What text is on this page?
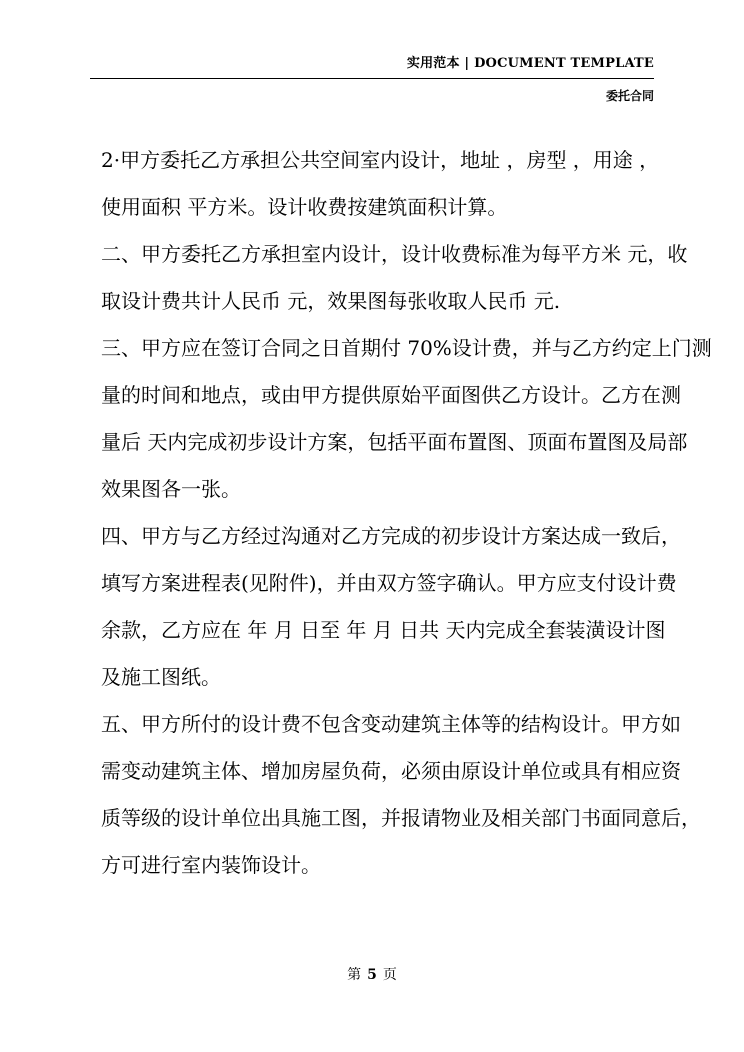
实用范本 | DOCUMENT TEMPLATE
委托合同
2·甲方委托乙方承担公共空间室内设计，地址 ，房型 ，用途 ，
使用面积 平方米。设计收费按建筑面积计算。
二、甲方委托乙方承担室内设计，设计收费标准为每平方米 元，收
取设计费共计人民币 元，效果图每张收取人民币 元.
三、甲方应在签订合同之日首期付 70%设计费，并与乙方约定上门测
量的时间和地点，或由甲方提供原始平面图供乙方设计。乙方在测
量后 天内完成初步设计方案，包括平面布置图、顶面布置图及局部
效果图各一张。
四、甲方与乙方经过沟通对乙方完成的初步设计方案达成一致后，
填写方案进程表(见附件)，并由双方签字确认。甲方应支付设计费
余款，乙方应在 年 月 日至 年 月 日共 天内完成全套装潢设计图
及施工图纸。
五、甲方所付的设计费不包含变动建筑主体等的结构设计。甲方如
需变动建筑主体、增加房屋负荷，必须由原设计单位或具有相应资
质等级的设计单位出具施工图，并报请物业及相关部门书面同意后，
方可进行室内装饰设计。
第 5 页
